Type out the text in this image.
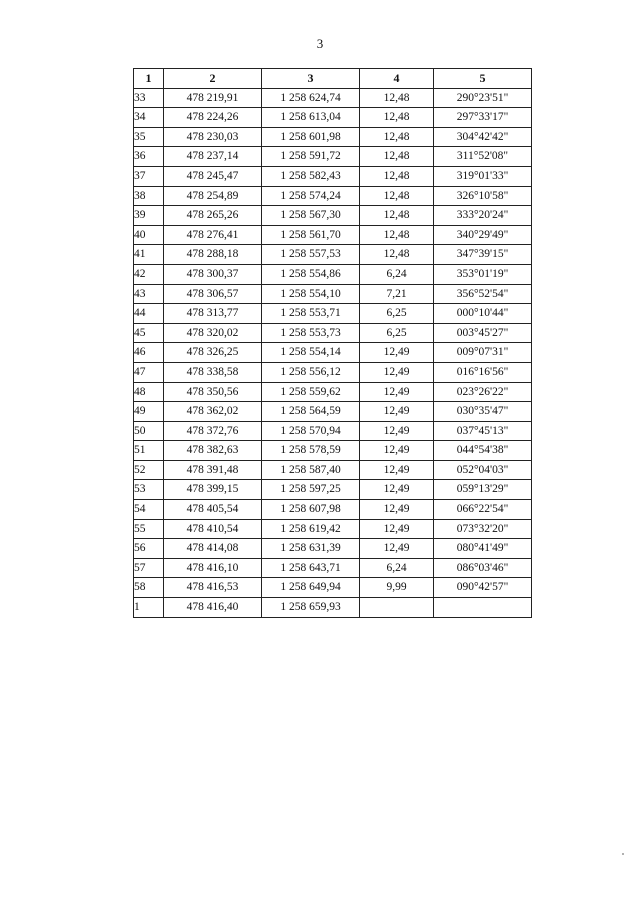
3
1	2	3	4	5
33	478 219,91	1 258 624,74	12,48	290°23'51"
34	478 224,26	1 258 613,04	12,48	297°33'17"
35	478 230,03	1 258 601,98	12,48	304°42'42"
36	478 237,14	1 258 591,72	12,48	311°52'08"
37	478 245,47	1 258 582,43	12,48	319°01'33"
38	478 254,89	1 258 574,24	12,48	326°10'58"
39	478 265,26	1 258 567,30	12,48	333°20'24"
40	478 276,41	1 258 561,70	12,48	340°29'49"
41	478 288,18	1 258 557,53	12,48	347°39'15"
42	478 300,37	1 258 554,86	6,24	353°01'19"
43	478 306,57	1 258 554,10	7,21	356°52'54"
44	478 313,77	1 258 553,71	6,25	000°10'44"
45	478 320,02	1 258 553,73	6,25	003°45'27"
46	478 326,25	1 258 554,14	12,49	009°07'31"
47	478 338,58	1 258 556,12	12,49	016°16'56"
48	478 350,56	1 258 559,62	12,49	023°26'22"
49	478 362,02	1 258 564,59	12,49	030°35'47"
50	478 372,76	1 258 570,94	12,49	037°45'13"
51	478 382,63	1 258 578,59	12,49	044°54'38"
52	478 391,48	1 258 587,40	12,49	052°04'03"
53	478 399,15	1 258 597,25	12,49	059°13'29"
54	478 405,54	1 258 607,98	12,49	066°22'54"
55	478 410,54	1 258 619,42	12,49	073°32'20"
56	478 414,08	1 258 631,39	12,49	080°41'49"
57	478 416,10	1 258 643,71	6,24	086°03'46"
58	478 416,53	1 258 649,94	9,99	090°42'57"
1	478 416,40	1 258 659,93		
